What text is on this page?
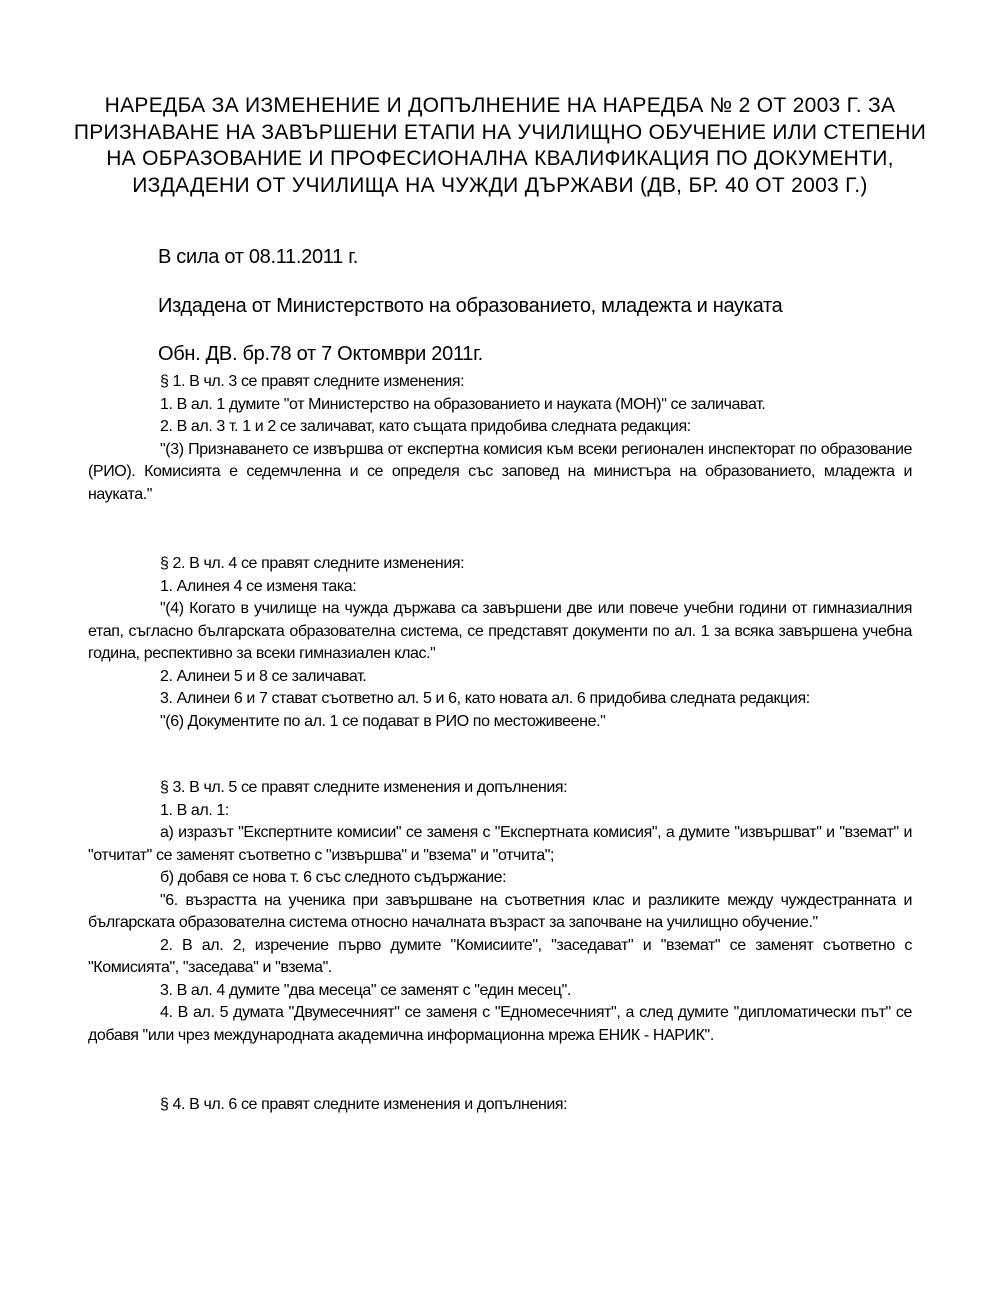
НАРЕДБА ЗА ИЗМЕНЕНИЕ И ДОПЪЛНЕНИЕ НА НАРЕДБА № 2 ОТ 2003 Г. ЗА ПРИЗНАВАНЕ НА ЗАВЪРШЕНИ ЕТАПИ НА УЧИЛИЩНО ОБУЧЕНИЕ ИЛИ СТЕПЕНИ НА ОБРАЗОВАНИЕ И ПРОФЕСИОНАЛНА КВАЛИФИКАЦИЯ ПО ДОКУМЕНТИ, ИЗДАДЕНИ ОТ УЧИЛИЩА НА ЧУЖДИ ДЪРЖАВИ (ДВ, БР. 40 ОТ 2003 Г.)
В сила от 08.11.2011 г.
Издадена от Министерството на образованието, младежта и науката
Обн. ДВ. бр.78 от 7 Октомври 2011г.

§ 1. В чл. 3 се правят следните изменения:

1. В ал. 1 думите "от Министерство на образованието и науката (МОН)" се заличават.

2. В ал. 3 т. 1 и 2 се заличават, като същата придобива следната редакция:

"(3) Признаването се извършва от експертна комисия към всеки регионален инспекторат по образование (РИО). Комисията е седемчленна и се определя със заповед на министъра на образованието, младежта и науката."

§ 2. В чл. 4 се правят следните изменения:

1. Алинея 4 се изменя така:

"(4) Когато в училище на чужда държава са завършени две или повече учебни години от гимназиалния етап, съгласно българската образователна система, се представят документи по ал. 1 за всяка завършена учебна година, респективно за всеки гимназиален клас."

2. Алинеи 5 и 8 се заличават.

3. Алинеи 6 и 7 стават съответно ал. 5 и 6, като новата ал. 6 придобива следната редакция:

"(6) Документите по ал. 1 се подават в РИО по местоживеене."

§ 3. В чл. 5 се правят следните изменения и допълнения:

1. В ал. 1:

а) изразът "Експертните комисии" се заменя с "Експертната комисия", а думите "извършват" и "вземат" и "отчитат" се заменят съответно с "извършва" и "взема" и "отчита";

б) добавя се нова т. 6 със следното съдържание:

"6. възрастта на ученика при завършване на съответния клас и разликите между чуждестранната и българската образователна система относно началната възраст за започване на училищно обучение."

2. В ал. 2, изречение първо думите "Комисиите", "заседават" и "вземат" се заменят съответно с "Комисията", "заседава" и "взема".

3. В ал. 4 думите "два месеца" се заменят с "един месец".

4. В ал. 5 думата "Двумесечният" се заменя с "Едномесечният", а след думите "дипломатически път" се добавя "или чрез международната академична информационна мрежа ЕНИК - НАРИК".

§ 4. В чл. 6 се правят следните изменения и допълнения:
